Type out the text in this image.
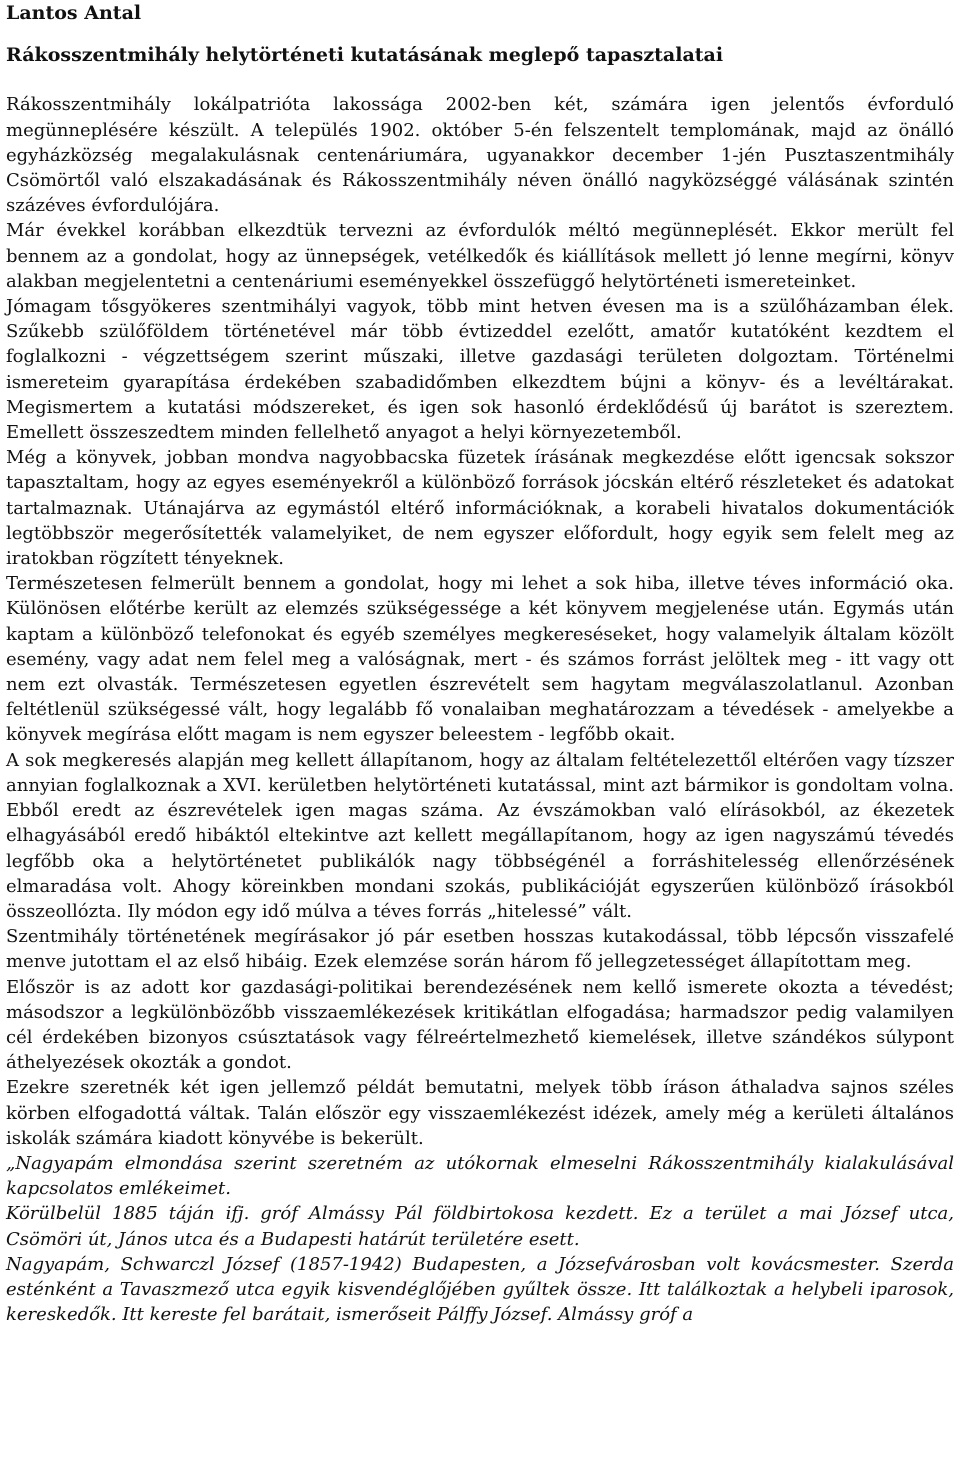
Lantos Antal

Rákosszentmihály helytörténeti kutatásának meglepő tapasztalatai

Rákosszentmihály lokálpatrióta lakossága 2002-ben két, számára igen jelentős évforduló megünneplésére készült. A település 1902. október 5-én felszentelt templomának, majd az önálló egyházközség megalakulásnak centenáriumára, ugyanakkor december 1-jén Pusztaszentmihály Csömörtől való elszakadásának és Rákosszentmihály néven önálló nagyközséggé válásának szintén százéves évfordulójára.

Már évekkel korábban elkezdtük tervezni az évfordulók méltó megünneplését. Ekkor merült fel bennem az a gondolat, hogy az ünnepségek, vetélkedők és kiállítások mellett jó lenne megírni, könyv alakban megjelentetni a centenáriumi eseményekkel összefüggő helytörténeti ismereteinket.

Jómagam tősgyökeres szentmihályi vagyok, több mint hetven évesen ma is a szülőházamban élek. Szűkebb szülőföldem történetével már több évtizeddel ezelőtt, amatőr kutatóként kezdtem el foglalkozni - végzettségem szerint műszaki, illetve gazdasági területen dolgoztam. Történelmi ismereteim gyarapítása érdekében szabadidőmben elkezdtem bújni a könyv- és a levéltárakat. Megismertem a kutatási módszereket, és igen sok hasonló érdeklődésű új barátot is szereztem. Emellett összeszedtem minden fellelhető anyagot a helyi környezetemből.

Még a könyvek, jobban mondva nagyobbacska füzetek írásának megkezdése előtt igencsak sokszor tapasztaltam, hogy az egyes eseményekről a különböző források jócskán eltérő részleteket és adatokat tartalmaznak. Utánajárva az egymástól eltérő információknak, a korabeli hivatalos dokumentációk legtöbbször megerősítették valamelyiket, de nem egyszer előfordult, hogy egyik sem felelt meg az iratokban rögzített tényeknek.

Természetesen felmerült bennem a gondolat, hogy mi lehet a sok hiba, illetve téves információ oka. Különösen előtérbe került az elemzés szükségessége a két könyvem megjelenése után. Egymás után kaptam a különböző telefonokat és egyéb személyes megkereséseket, hogy valamelyik általam közölt esemény, vagy adat nem felel meg a valóságnak, mert - és számos forrást jelöltek meg - itt vagy ott nem ezt olvasták. Természetesen egyetlen észrevételt sem hagytam megválaszolatlanul. Azonban feltétlenül szükségessé vált, hogy legalább fő vonalaiban meghatározzam a tévedések - amelyekbe a könyvek megírása előtt magam is nem egyszer beleestem - legfőbb okait.

A sok megkeresés alapján meg kellett állapítanom, hogy az általam feltételezettől eltérően vagy tízszer annyian foglalkoznak a XVI. kerületben helytörténeti kutatással, mint azt bármikor is gondoltam volna. Ebből eredt az észrevételek igen magas száma. Az évszámokban való elírásokból, az ékezetek elhagyásából eredő hibáktól eltekintve azt kellett megállapítanom, hogy az igen nagyszámú tévedés legfőbb oka a helytörténetet publikálók nagy többségénél a forráshitelesség ellenőrzésének elmaradása volt. Ahogy köreinkben mondani szokás, publikációját egyszerűen különböző írásokból összeollózta. Ily módon egy idő múlva a téves forrás „hitelessé” vált.

Szentmihály történetének megírásakor jó pár esetben hosszas kutakodással, több lépcsőn visszafelé menve jutottam el az első hibáig. Ezek elemzése során három fő jellegzetességet állapítottam meg.

Először is az adott kor gazdasági-politikai berendezésének nem kellő ismerete okozta a tévedést; másodszor a legkülönbözőbb visszaemlékezések kritikátlan elfogadása; harmadszor pedig valamilyen cél érdekében bizonyos csúsztatások vagy félreértelmezhető kiemelések, illetve szándékos súlypont áthelyezések okozták a gondot.

Ezekre szeretnék két igen jellemző példát bemutatni, melyek több íráson áthaladva sajnos széles körben elfogadottá váltak. Talán először egy visszaemlékezést idézek, amely még a kerületi általános iskolák számára kiadott könyvébe is bekerült.

„Nagyapám elmondása szerint szeretném az utókornak elmeselni Rákosszentmihály kialakulásával kapcsolatos emlékeimet.

Körülbelül 1885 táján ifj. gróf Almássy Pál földbirtokosa kezdett. Ez a terület a mai József utca, Csömöri út, János utca és a Budapesti határút területére esett.

Nagyapám, Schwarczl József (1857-1942) Budapesten, a Józsefvárosban volt kovácsmester. Szerda esténként a Tavaszmező utca egyik kisvendéglőjében gyűltek össze. Itt találkoztak a helybeli iparosok, kereskedők. Itt kereste fel barátait, ismerőseit Pálffy József. Almássy gróf a
